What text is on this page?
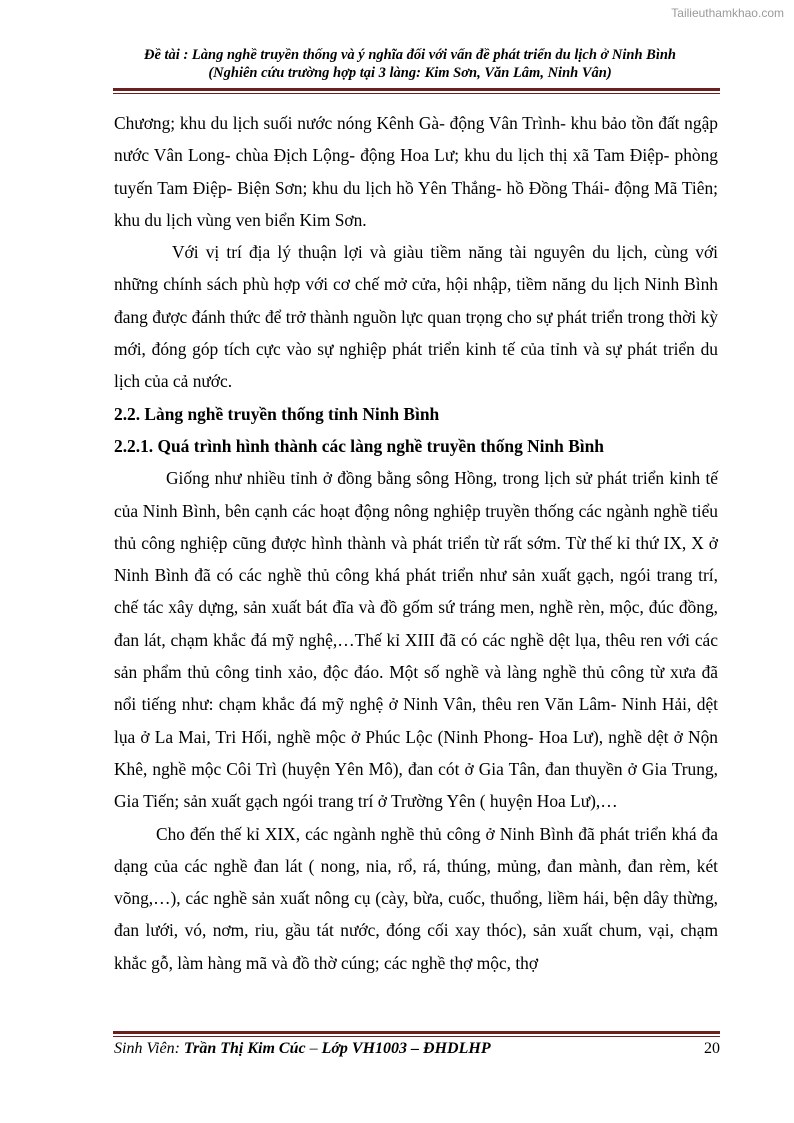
Tailieuthamkhao.com
Đề tài : Làng nghề truyền thống và ý nghĩa đối với vấn đề phát triển du lịch ở Ninh Bình
(Nghiên cứu trường hợp tại 3 làng: Kim Sơn, Văn Lâm, Ninh Vân)

Chương; khu du lịch suối nước nóng Kênh Gà- động Vân Trình- khu bảo tồn đất ngập nước Vân Long- chùa Địch Lộng- động Hoa Lư; khu du lịch thị xã Tam Điệp- phòng tuyến Tam Điệp- Biện Sơn; khu du lịch hồ Yên Thắng- hồ Đồng Thái- động Mã Tiên; khu du lịch vùng ven biển Kim Sơn.

Với vị trí địa lý thuận lợi và giàu tiềm năng tài nguyên du lịch, cùng với những chính sách phù hợp với cơ chế mở cửa, hội nhập, tiềm năng du lịch Ninh Bình đang được đánh thức để trở thành nguồn lực quan trọng cho sự phát triển trong thời kỳ mới, đóng góp tích cực vào sự nghiệp phát triển kinh tế của tỉnh và sự phát triển du lịch của cả nước.

2.2. Làng nghề truyền thống tỉnh Ninh Bình

2.2.1. Quá trình hình thành các làng nghề truyền thống Ninh Bình

Giống như nhiều tỉnh ở đồng bằng sông Hồng, trong lịch sử phát triển kinh tế của Ninh Bình, bên cạnh các hoạt động nông nghiệp truyền thống các ngành nghề tiểu thủ công nghiệp cũng được hình thành và phát triển từ rất sớm. Từ thế kỉ thứ IX, X ở Ninh Bình đã có các nghề thủ công khá phát triển như sản xuất gạch, ngói trang trí, chế tác xây dựng, sản xuất bát đĩa và đồ gốm sứ tráng men, nghề rèn, mộc, đúc đồng, đan lát, chạm khắc đá mỹ nghệ,…Thế kỉ XIII đã có các nghề dệt lụa, thêu ren với các sản phẩm thủ công tinh xảo, độc đáo. Một số nghề và làng nghề thủ công từ xưa đã nổi tiếng như: chạm khắc đá mỹ nghệ ở Ninh Vân, thêu ren Văn Lâm- Ninh Hải, dệt lụa ở La Mai, Tri Hối, nghề mộc ở Phúc Lộc (Ninh Phong- Hoa Lư), nghề dệt ở Nộn Khê, nghề mộc Côi Trì (huyện Yên Mô), đan cót ở Gia Tân, đan thuyền ở Gia Trung, Gia Tiến; sản xuất gạch ngói trang trí ở Trường Yên ( huyện Hoa Lư),…

Cho đến thế kỉ XIX, các ngành nghề thủ công ở Ninh Bình đã phát triển khá đa dạng của các nghề đan lát ( nong, nia, rổ, rá, thúng, mủng, đan mành, đan rèm, két võng,…), các nghề sản xuất nông cụ (cày, bừa, cuốc, thuổng, liềm hái, bện dây thừng, đan lưới, vó, nơm, riu, gầu tát nước, đóng cối xay thóc), sản xuất chum, vại, chạm khắc gỗ, làm hàng mã và đồ thờ cúng; các nghề thợ mộc, thợ

Sinh Viên: Trần Thị Kim Cúc – Lớp VH1003 – ĐHDLHP	20
